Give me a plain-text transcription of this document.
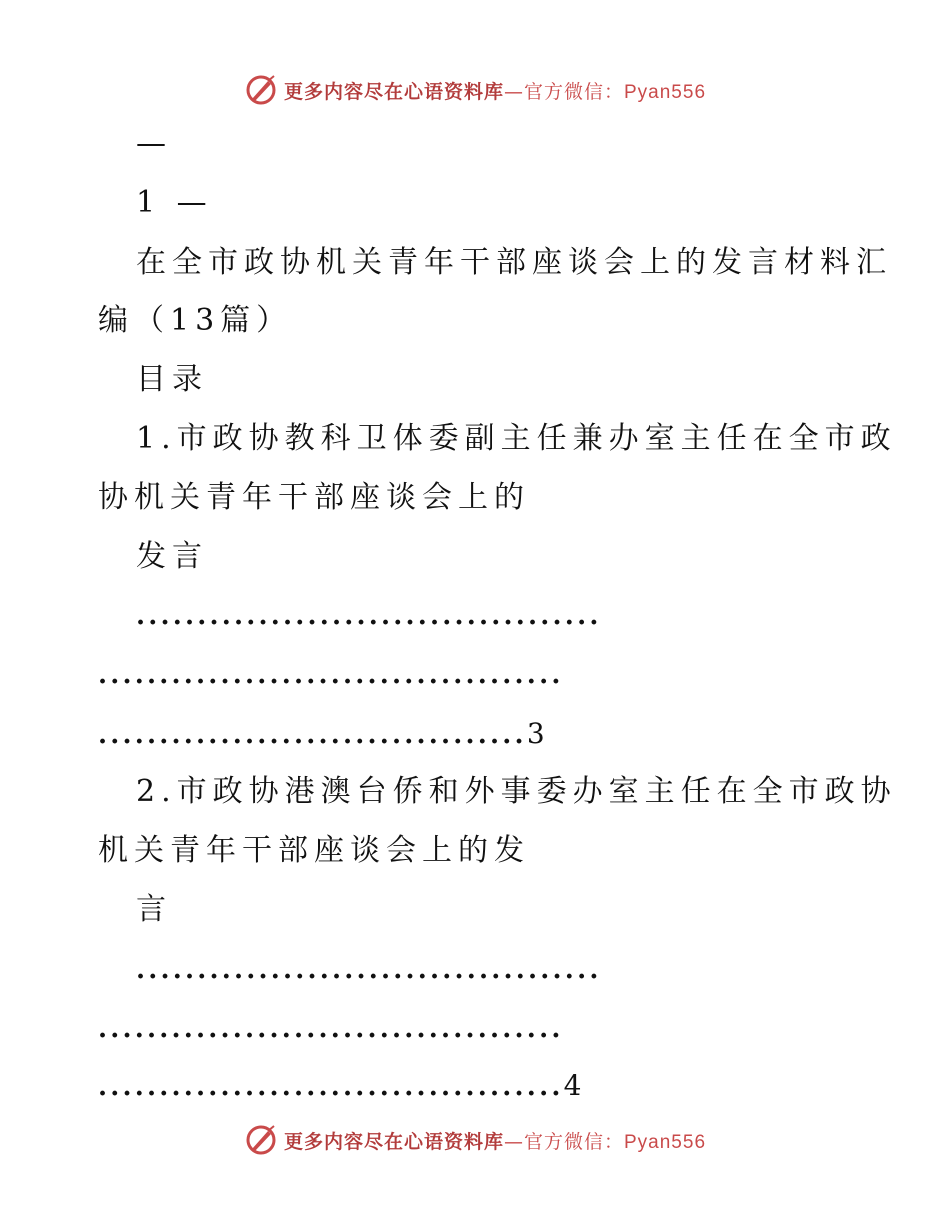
更多内容尽在心语资料库—官方微信：Pyan556
—
1 —
在全市政协机关青年干部座谈会上的发言材料汇
编（13篇）
目录
1.市政协教科卫体委副主任兼办室主任在全市政
协机关青年干部座谈会上的
发言
......................................
......................................
...................................3
2.市政协港澳台侨和外事委办室主任在全市政协
机关青年干部座谈会上的发
言
......................................
......................................
......................................4
更多内容尽在心语资料库—官方微信：Pyan556
